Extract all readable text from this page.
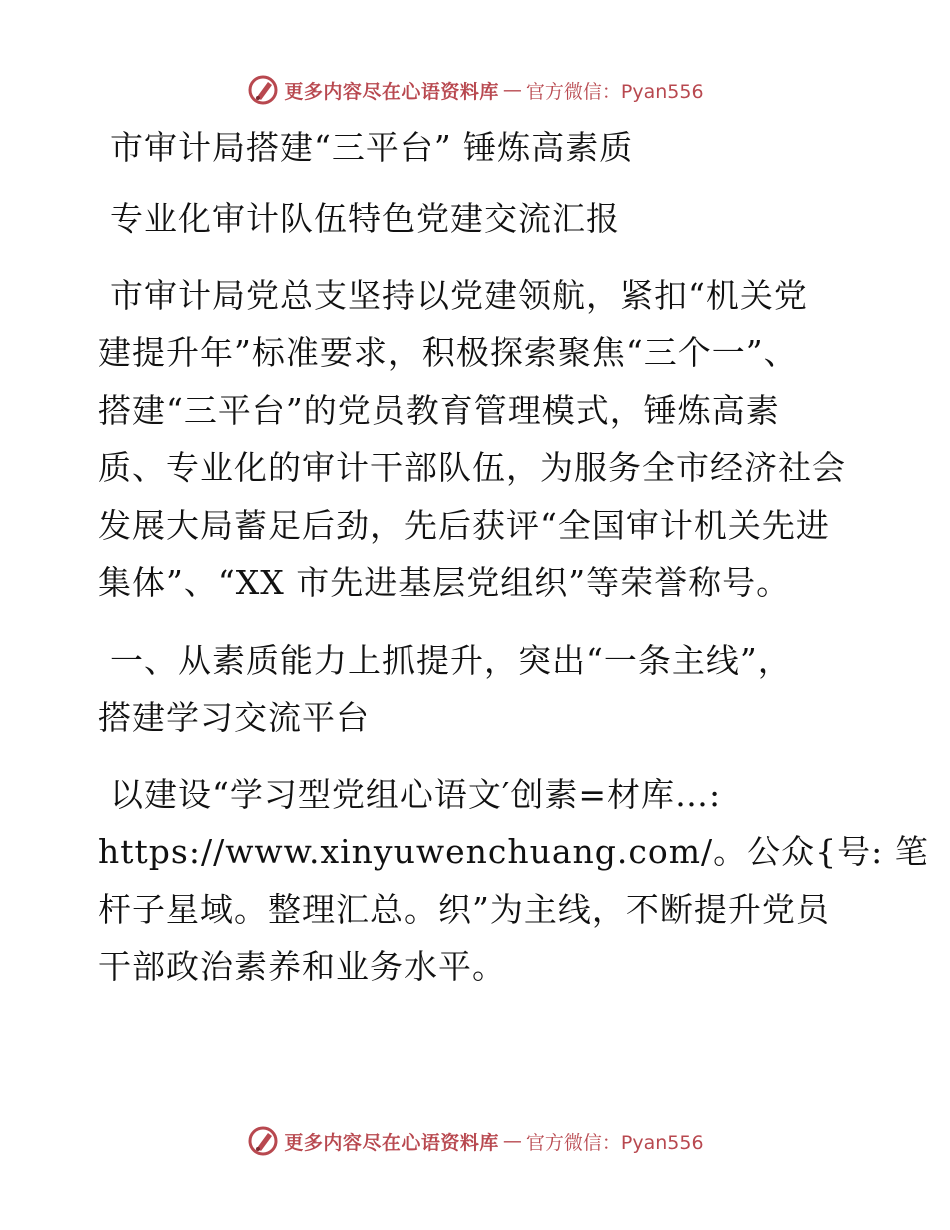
更多内容尽在心语资料库 — 官方微信：Pyan556
市审计局搭建“三平台” 锤炼高素质
专业化审计队伍特色党建交流汇报
市审计局党总支坚持以党建领航，紧扣“机关党
建提升年”标准要求，积极探索聚焦“三个一”、
搭建“三平台”的党员教育管理模式，锤炼高素
质、专业化的审计干部队伍，为服务全市经济社会
发展大局蓄足后劲，先后获评“全国审计机关先进
集体”、“XX 市先进基层党组织”等荣誉称号。
一、从素质能力上抓提升，突出“一条主线”，
搭建学习交流平台
以建设“学习型党组心语文′创素=材库…:
https://www.xinyuwenchuang.com/。公众{号: 笔
杆子星域。整理汇总。织”为主线，不断提升党员
干部政治素养和业务水平。
更多内容尽在心语资料库 — 官方微信：Pyan556
